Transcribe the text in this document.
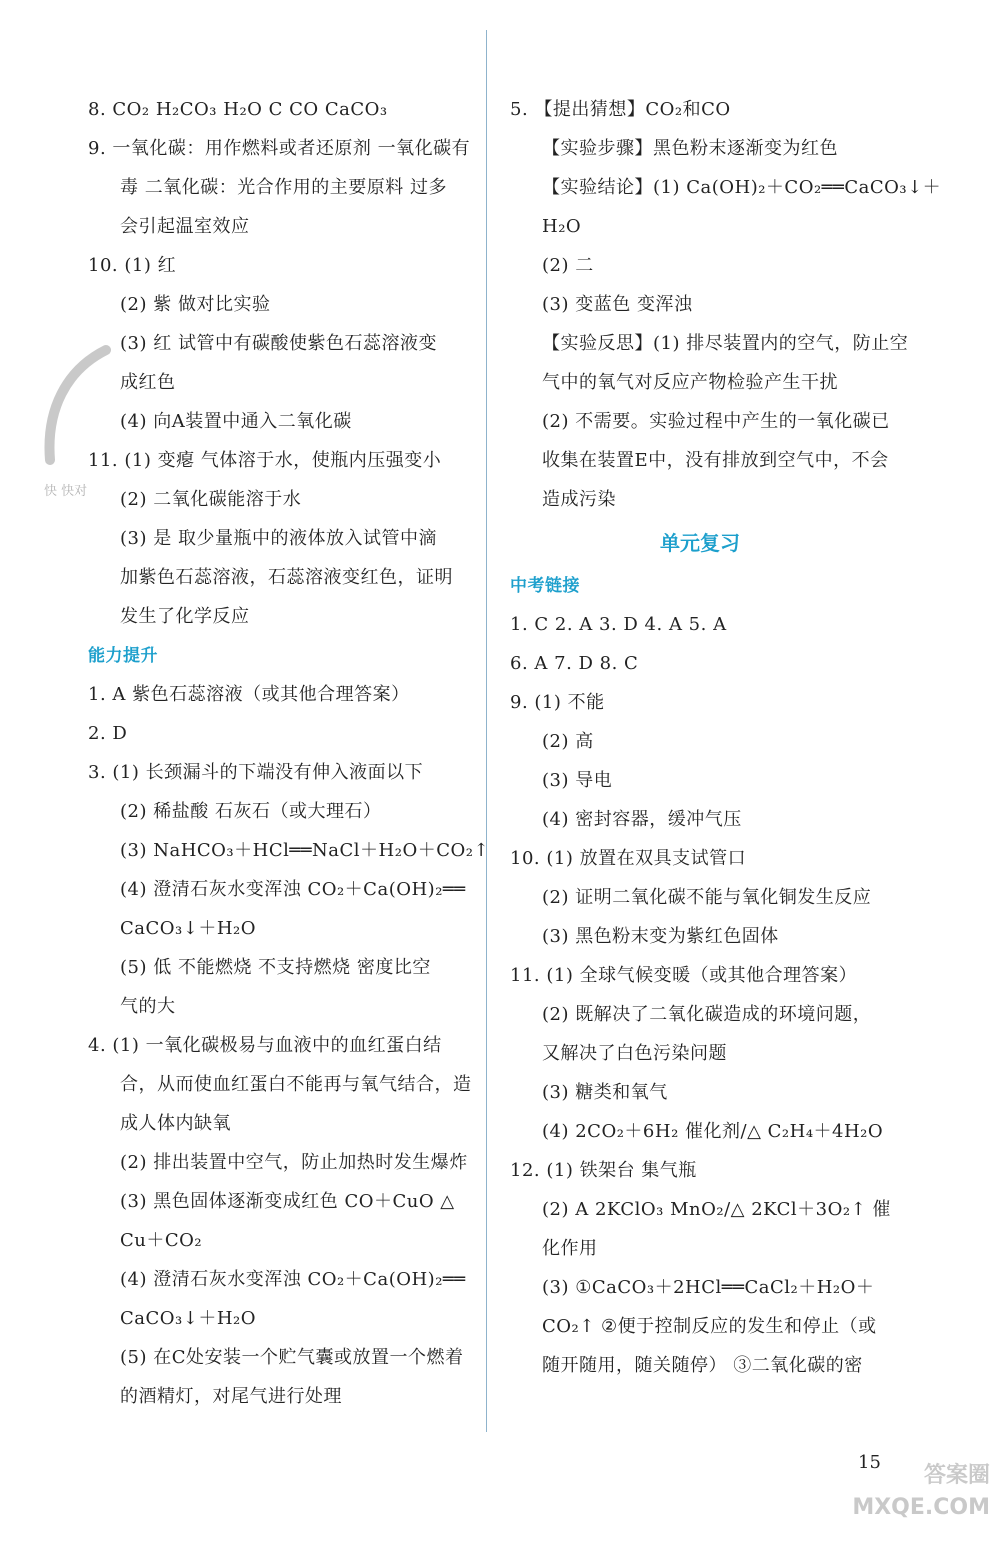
8. CO₂ H₂CO₃ H₂O C CO CaCO₃
9. 一氧化碳：用作燃料或者还原剂 一氧化碳有
毒 二氧化碳：光合作用的主要原料 过多
会引起温室效应
10. (1) 红
(2) 紫 做对比实验
(3) 红 试管中有碳酸使紫色石蕊溶液变
成红色
(4) 向A装置中通入二氧化碳
11. (1) 变瘪 气体溶于水，使瓶内压强变小
(2) 二氧化碳能溶于水
(3) 是 取少量瓶中的液体放入试管中滴
加紫色石蕊溶液，石蕊溶液变红色，证明
发生了化学反应
能力提升
1. A 紫色石蕊溶液（或其他合理答案）
2. D
3. (1) 长颈漏斗的下端没有伸入液面以下
(2) 稀盐酸 石灰石（或大理石）
(3) NaHCO₃＋HCl══NaCl＋H₂O＋CO₂↑
(4) 澄清石灰水变浑浊 CO₂＋Ca(OH)₂══
CaCO₃↓＋H₂O
(5) 低 不能燃烧 不支持燃烧 密度比空
气的大
4. (1) 一氧化碳极易与血液中的血红蛋白结
合，从而使血红蛋白不能再与氧气结合，造
成人体内缺氧
(2) 排出装置中空气，防止加热时发生爆炸
(3) 黑色固体逐渐变成红色 CO＋CuO △
Cu＋CO₂
(4) 澄清石灰水变浑浊 CO₂＋Ca(OH)₂══
CaCO₃↓＋H₂O
(5) 在C处安装一个贮气囊或放置一个燃着
的酒精灯，对尾气进行处理
5. 【提出猜想】CO₂和CO
【实验步骤】黑色粉末逐渐变为红色
【实验结论】(1) Ca(OH)₂＋CO₂══CaCO₃↓＋
H₂O
(2) 二
(3) 变蓝色 变浑浊
【实验反思】(1) 排尽装置内的空气，防止空
气中的氧气对反应产物检验产生干扰
(2) 不需要。实验过程中产生的一氧化碳已
收集在装置E中，没有排放到空气中，不会
造成污染
单元复习
中考链接
1. C 2. A 3. D 4. A 5. A
6. A 7. D 8. C
9. (1) 不能
(2) 高
(3) 导电
(4) 密封容器，缓冲气压
10. (1) 放置在双具支试管口
(2) 证明二氧化碳不能与氧化铜发生反应
(3) 黑色粉末变为紫红色固体
11. (1) 全球气候变暖（或其他合理答案）
(2) 既解决了二氧化碳造成的环境问题，
又解决了白色污染问题
(3) 糖类和氧气
(4) 2CO₂＋6H₂ 催化剂/△ C₂H₄＋4H₂O
12. (1) 铁架台 集气瓶
(2) A 2KClO₃ MnO₂/△ 2KCl＋3O₂↑ 催
化作用
(3) ①CaCO₃＋2HCl══CaCl₂＋H₂O＋
CO₂↑ ②便于控制反应的发生和停止（或
随开随用，随关随停） ③二氧化碳的密
快 快对
15
答案圈 MXQE.COM
